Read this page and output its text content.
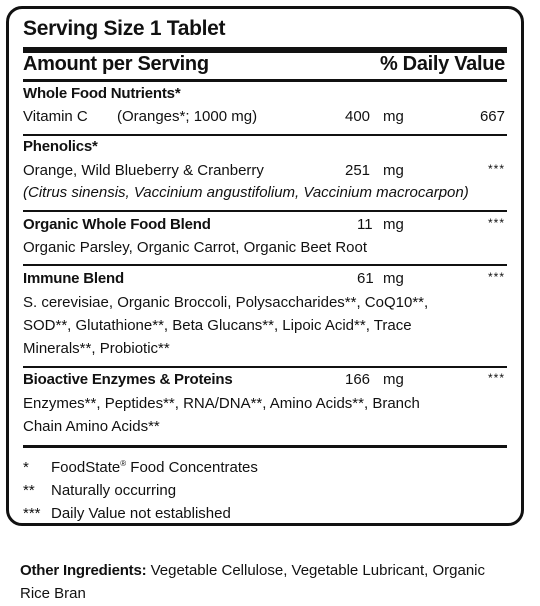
Serving Size 1 Tablet
Amount per Serving	% Daily Value
Whole Food Nutrients*
Vitamin C (Oranges*; 1000 mg)	400 mg	667
Phenolics*
Orange, Wild Blueberry & Cranberry	251 mg	***
(Citrus sinensis, Vaccinium angustifolium, Vaccinium macrocarpon)
Organic Whole Food Blend	11 mg	***
Organic Parsley, Organic Carrot, Organic Beet Root
Immune Blend	61 mg	***
S. cerevisiae, Organic Broccoli, Polysaccharides**, CoQ10**,
SOD**, Glutathione**, Beta Glucans**, Lipoic Acid**, Trace
Minerals**, Probiotic**
Bioactive Enzymes & Proteins	166 mg	***
Enzymes**, Peptides**, RNA/DNA**, Amino Acids**, Branch
Chain Amino Acids**
* FoodState® Food Concentrates
** Naturally occurring
*** Daily Value not established
Other Ingredients: Vegetable Cellulose, Vegetable Lubricant, Organic Rice Bran
